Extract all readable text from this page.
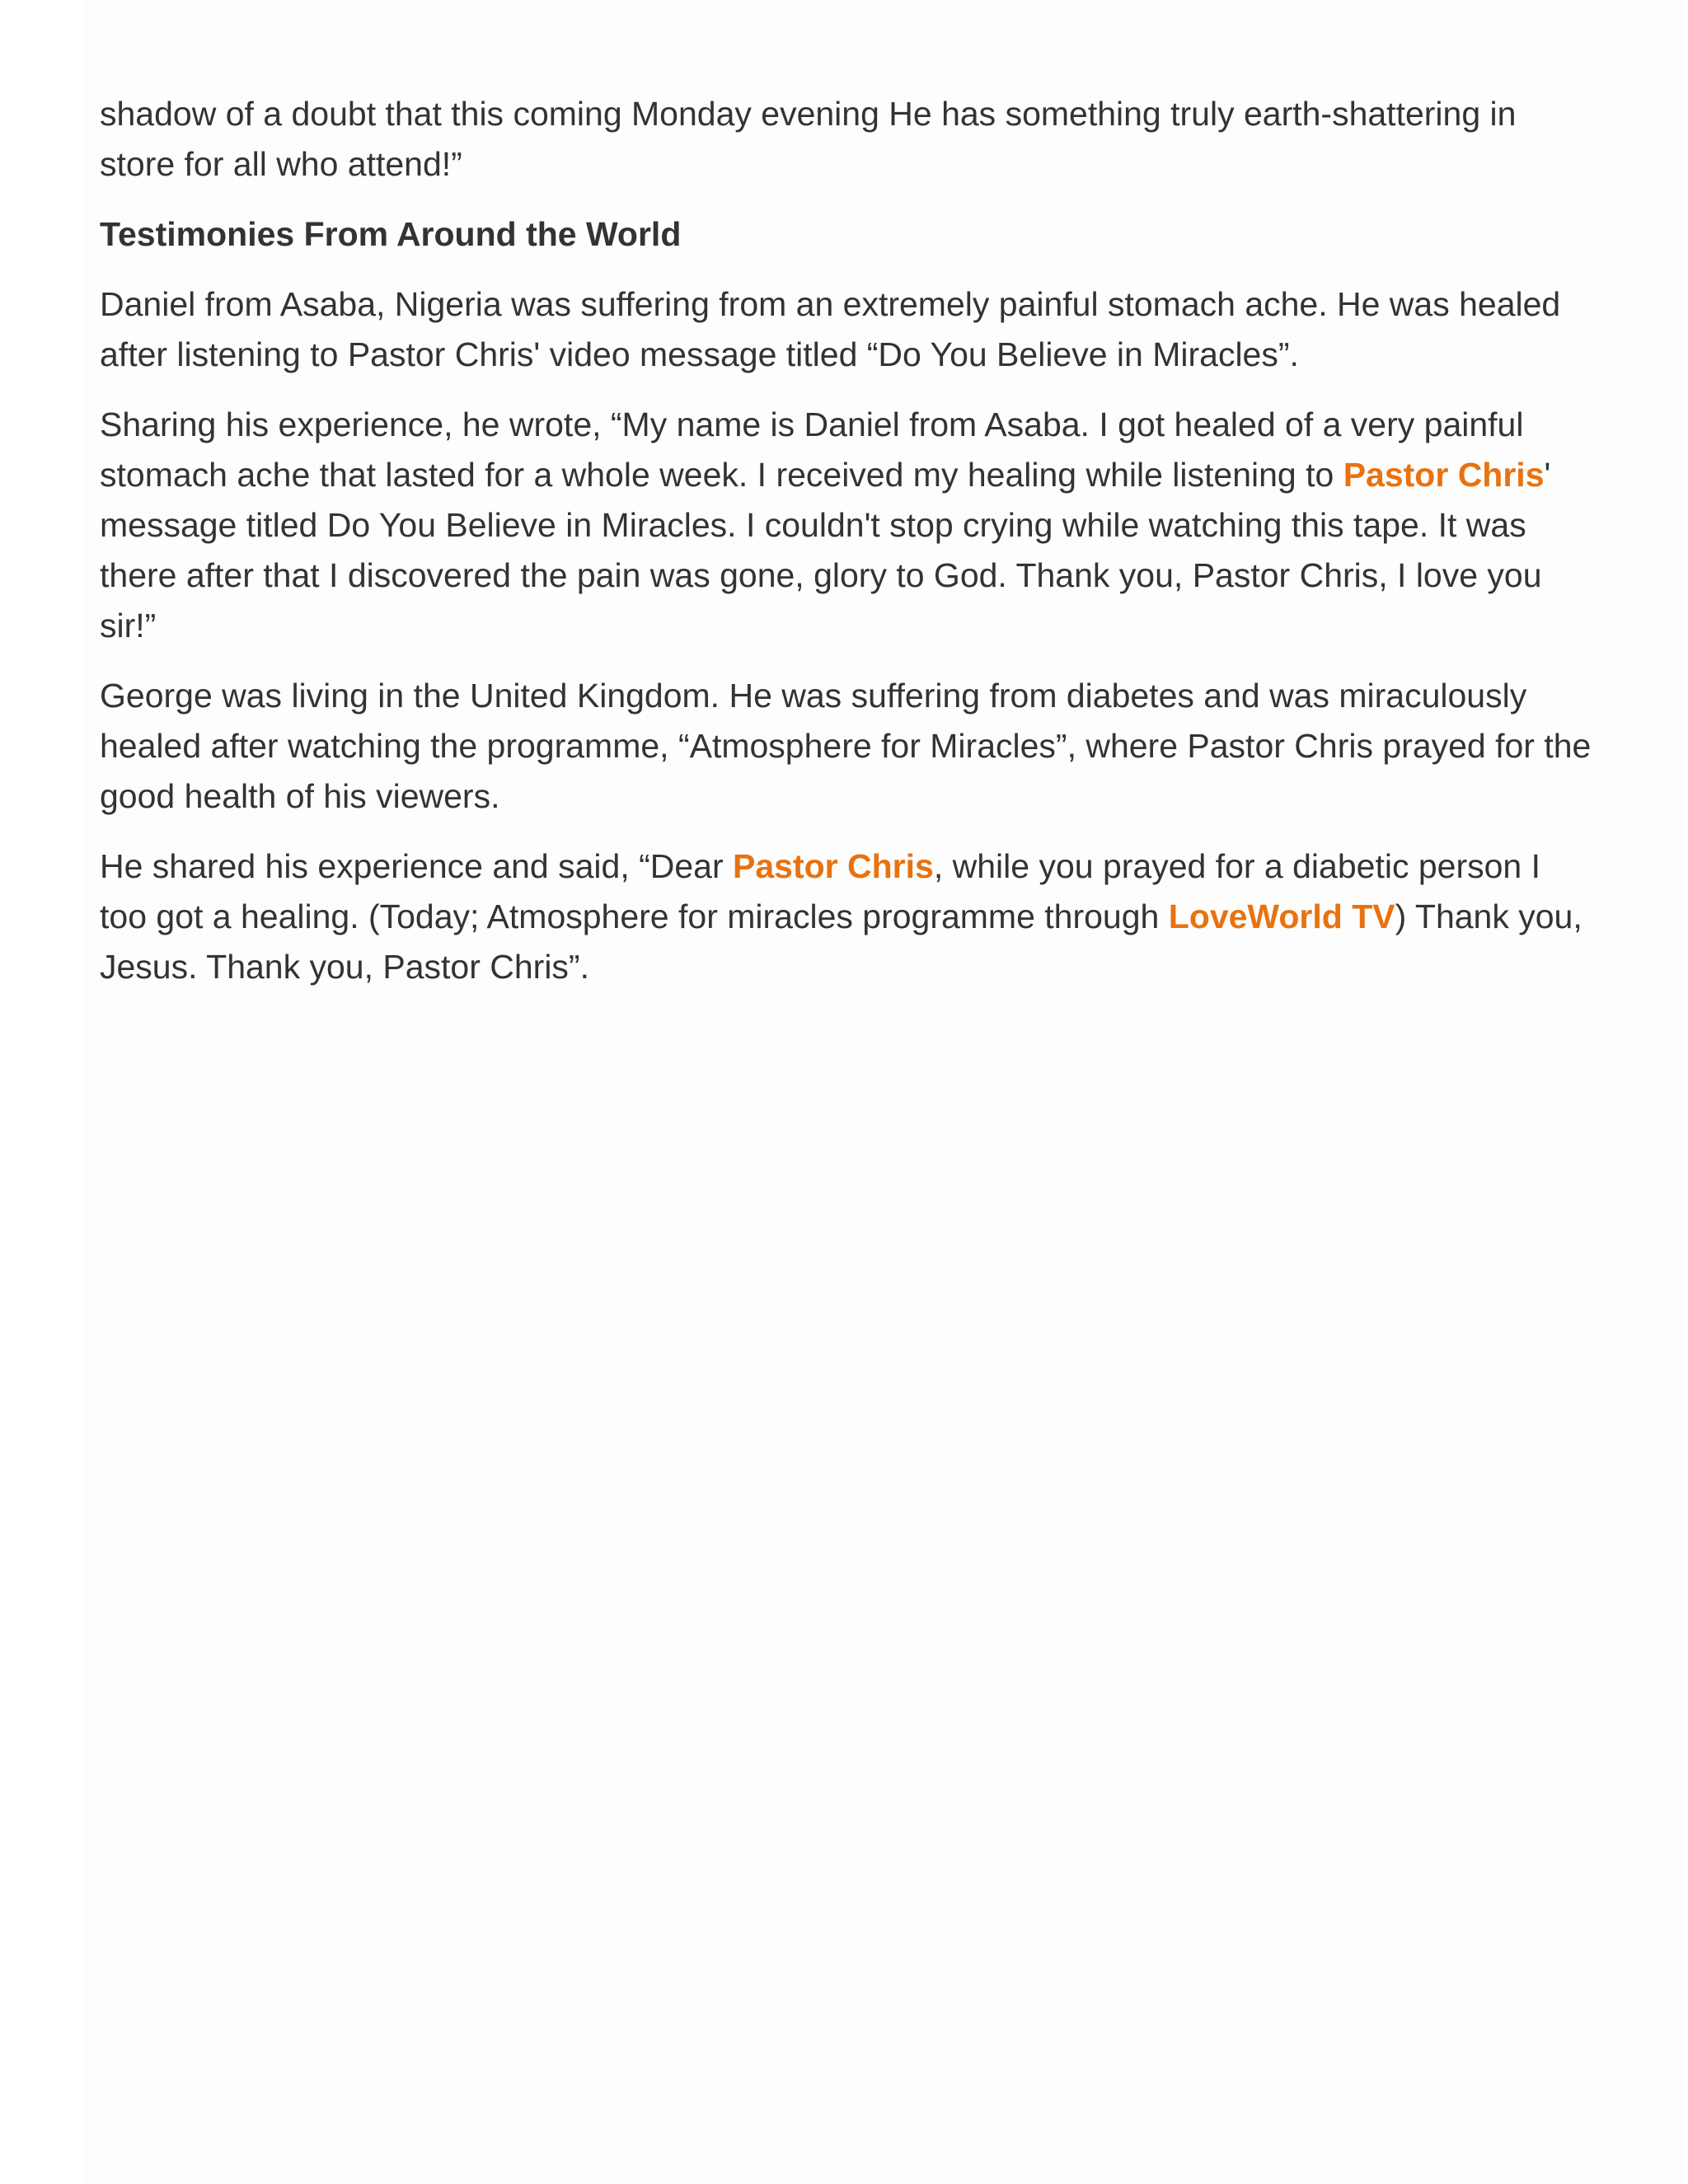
shadow of a doubt that this coming Monday evening He has something truly earth-shattering in store for all who attend!”

Testimonies From Around the World

Daniel from Asaba, Nigeria was suffering from an extremely painful stomach ache. He was healed after listening to Pastor Chris' video message titled “Do You Believe in Miracles”.

Sharing his experience, he wrote, “My name is Daniel from Asaba. I got healed of a very painful stomach ache that lasted for a whole week. I received my healing while listening to Pastor Chris' message titled Do You Believe in Miracles. I couldn't stop crying while watching this tape. It was there after that I discovered the pain was gone, glory to God. Thank you, Pastor Chris, I love you sir!”

George was living in the United Kingdom. He was suffering from diabetes and was miraculously healed after watching the programme, “Atmosphere for Miracles”, where Pastor Chris prayed for the good health of his viewers.

He shared his experience and said, “Dear Pastor Chris, while you prayed for a diabetic person I too got a healing. (Today; Atmosphere for miracles programme through LoveWorld TV) Thank you, Jesus. Thank you, Pastor Chris”.
